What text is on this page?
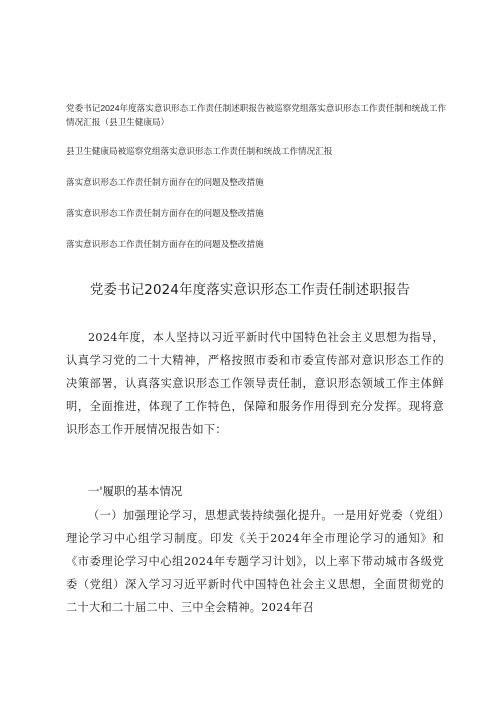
党委书记2024年度落实意识形态工作责任制述职报告被巡察党组落实意识形态工作责任制和统战工作情况汇报（县卫生健康局）
县卫生健康局被巡察党组落实意识形态工作责任制和统战工作情况汇报
落实意识形态工作责任制方面存在的问题及整改措施
落实意识形态工作责任制方面存在的问题及整改措施
落实意识形态工作责任制方面存在的问题及整改措施
党委书记2024年度落实意识形态工作责任制述职报告
2024年度，本人坚持以习近平新时代中国特色社会主义思想为指导，认真学习党的二十大精神，严格按照市委和市委宣传部对意识形态工作的决策部署，认真落实意识形态工作领导责任制，意识形态领域工作主体鲜明，全面推进，体现了工作特色，保障和服务作用得到充分发挥。现将意识形态工作开展情况报告如下：
一'履职的基本情况
（一）加强理论学习，思想武装持续强化提升。一是用好党委（党组）理论学习中心组学习制度。印发《关于2024年全市理论学习的通知》和《市委理论学习中心组2024年专题学习计划》，以上率下带动城市各级党委（党组）深入学习习近平新时代中国特色社会主义思想，全面贯彻党的二十大和二十届二中、三中全会精神。2024年召
